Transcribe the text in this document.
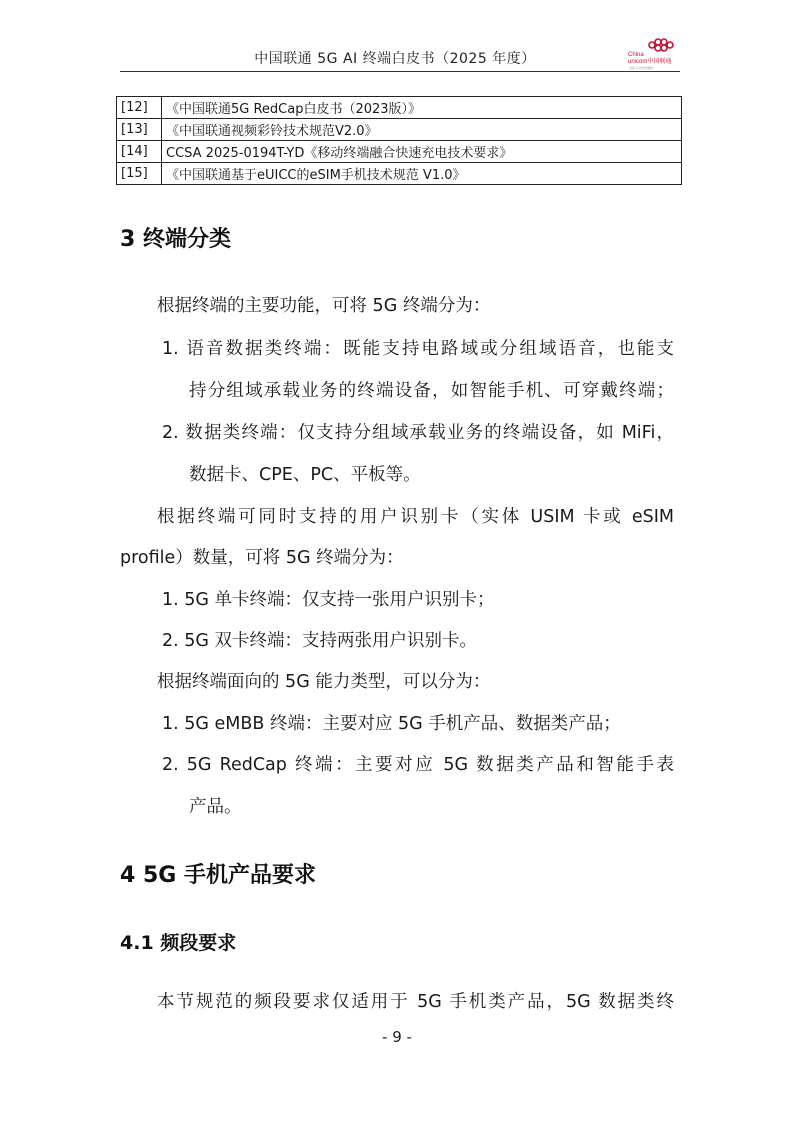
中国联通 5G AI 终端白皮书（2025 年度）	China
unicom中国联通
创新·让世界更精彩
[12]	《中国联通5G RedCap白皮书（2023版）》
[13]	《中国联通视频彩铃技术规范V2.0》
[14]	CCSA 2025-0194T-YD《移动终端融合快速充电技术要求》
[15]	《中国联通基于eUICC的eSIM手机技术规范 V1.0》
3 终端分类
根据终端的主要功能，可将 5G 终端分为：
1. 语音数据类终端：既能支持电路域或分组域语音，也能支
持分组域承载业务的终端设备，如智能手机、可穿戴终端；
2. 数据类终端：仅支持分组域承载业务的终端设备，如 MiFi，
数据卡、CPE、PC、平板等。
根据终端可同时支持的用户识别卡（实体 USIM 卡或 eSIM
profile）数量，可将 5G 终端分为：
1. 5G 单卡终端：仅支持一张用户识别卡；
2. 5G 双卡终端：支持两张用户识别卡。
根据终端面向的 5G 能力类型，可以分为：
1. 5G eMBB 终端：主要对应 5G 手机产品、数据类产品；
2. 5G RedCap 终端：主要对应 5G 数据类产品和智能手表
产品。
4 5G 手机产品要求
4.1 频段要求
本节规范的频段要求仅适用于 5G 手机类产品，5G 数据类终
- 9 -
